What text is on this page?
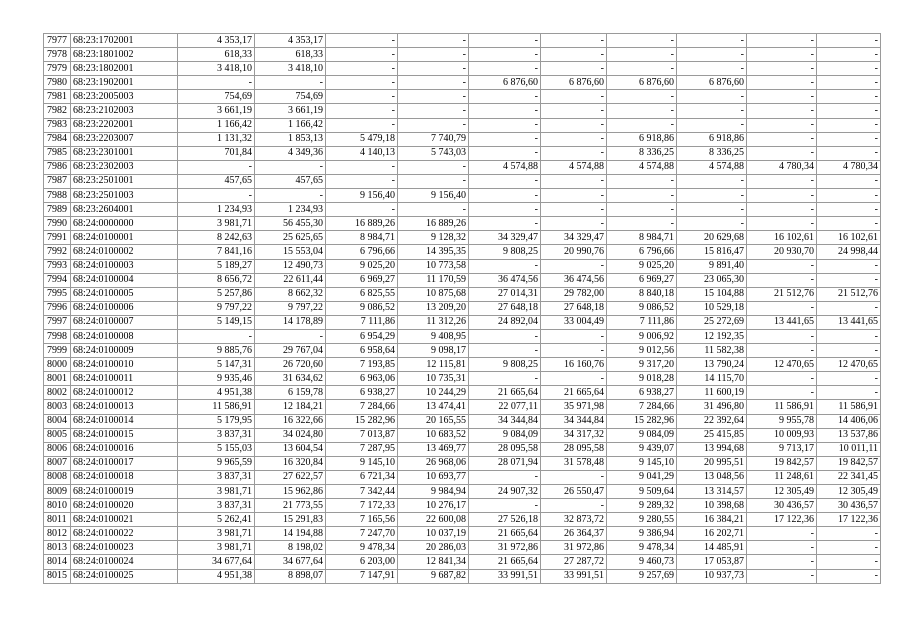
7977	68:23:1702001	4 353,17	4 353,17	-	-	-	-	-	-	-	-
7978	68:23:1801002	618,33	618,33	-	-	-	-	-	-	-	-
7979	68:23:1802001	3 418,10	3 418,10	-	-	-	-	-	-	-	-
7980	68:23:1902001	-	-	-	-	6 876,60	6 876,60	6 876,60	6 876,60	-	-
7981	68:23:2005003	754,69	754,69	-	-	-	-	-	-	-	-
7982	68:23:2102003	3 661,19	3 661,19	-	-	-	-	-	-	-	-
7983	68:23:2202001	1 166,42	1 166,42	-	-	-	-	-	-	-	-
7984	68:23:2203007	1 131,32	1 853,13	5 479,18	7 740,79	-	-	6 918,86	6 918,86	-	-
7985	68:23:2301001	701,84	4 349,36	4 140,13	5 743,03	-	-	8 336,25	8 336,25	-	-
7986	68:23:2302003	-	-	-	-	4 574,88	4 574,88	4 574,88	4 574,88	4 780,34	4 780,34
7987	68:23:2501001	457,65	457,65	-	-	-	-	-	-	-	-
7988	68:23:2501003	-	-	9 156,40	9 156,40	-	-	-	-	-	-
7989	68:23:2604001	1 234,93	1 234,93	-	-	-	-	-	-	-	-
7990	68:24:0000000	3 981,71	56 455,30	16 889,26	16 889,26	-	-	-	-	-	-
7991	68:24:0100001	8 242,63	25 625,65	8 984,71	9 128,32	34 329,47	34 329,47	8 984,71	20 629,68	16 102,61	16 102,61
7992	68:24:0100002	7 841,16	15 553,04	6 796,66	14 395,35	9 808,25	20 990,76	6 796,66	15 816,47	20 930,70	24 998,44
7993	68:24:0100003	5 189,27	12 490,73	9 025,20	10 773,58	-	-	9 025,20	9 891,40	-	-
7994	68:24:0100004	8 656,72	22 611,44	6 969,27	11 170,59	36 474,56	36 474,56	6 969,27	23 065,30	-	-
7995	68:24:0100005	5 257,86	8 662,32	6 825,55	10 875,68	27 014,31	29 782,00	8 840,18	15 104,88	21 512,76	21 512,76
7996	68:24:0100006	9 797,22	9 797,22	9 086,52	13 209,20	27 648,18	27 648,18	9 086,52	10 529,18	-	-
7997	68:24:0100007	5 149,15	14 178,89	7 111,86	11 312,26	24 892,04	33 004,49	7 111,86	25 272,69	13 441,65	13 441,65
7998	68:24:0100008	-	-	6 954,29	9 408,95	-	-	9 006,92	12 192,35	-	-
7999	68:24:0100009	9 885,76	29 767,04	6 958,64	9 098,17	-	-	9 012,56	11 582,38	-	-
8000	68:24:0100010	5 147,31	26 720,60	7 193,85	12 115,81	9 808,25	16 160,76	9 317,20	13 790,24	12 470,65	12 470,65
8001	68:24:0100011	9 935,46	31 634,62	6 963,06	10 735,31	-	-	9 018,28	14 115,70	-	-
8002	68:24:0100012	4 951,38	6 159,78	6 938,27	10 244,29	21 665,64	21 665,64	6 938,27	11 600,19	-	-
8003	68:24:0100013	11 586,91	12 184,21	7 284,66	13 474,41	22 077,11	35 971,98	7 284,66	31 496,80	11 586,91	11 586,91
8004	68:24:0100014	5 179,95	16 322,66	15 282,96	20 165,55	34 344,84	34 344,84	15 282,96	22 392,64	9 955,78	14 406,06
8005	68:24:0100015	3 837,31	34 024,80	7 013,87	10 683,52	9 084,09	34 317,32	9 084,09	25 415,85	10 009,93	13 537,86
8006	68:24:0100016	5 155,03	13 604,54	7 287,95	13 469,77	28 095,58	28 095,58	9 439,07	13 994,68	9 713,17	10 011,11
8007	68:24:0100017	9 965,59	16 320,84	9 145,10	26 968,06	28 071,94	31 578,48	9 145,10	20 995,51	19 842,57	19 842,57
8008	68:24:0100018	3 837,31	27 622,57	6 721,34	10 693,77	-	-	9 041,29	13 048,56	11 248,61	22 341,45
8009	68:24:0100019	3 981,71	15 962,86	7 342,44	9 984,94	24 907,32	26 550,47	9 509,64	13 314,57	12 305,49	12 305,49
8010	68:24:0100020	3 837,31	21 773,55	7 172,33	10 276,17	-	-	9 289,32	10 398,68	30 436,57	30 436,57
8011	68:24:0100021	5 262,41	15 291,83	7 165,56	22 600,08	27 526,18	32 873,72	9 280,55	16 384,21	17 122,36	17 122,36
8012	68:24:0100022	3 981,71	14 194,88	7 247,70	10 037,19	21 665,64	26 364,37	9 386,94	16 202,71	-	-
8013	68:24:0100023	3 981,71	8 198,02	9 478,34	20 286,03	31 972,86	31 972,86	9 478,34	14 485,91	-	-
8014	68:24:0100024	34 677,64	34 677,64	6 203,00	12 841,34	21 665,64	27 287,72	9 460,73	17 053,87	-	-
8015	68:24:0100025	4 951,38	8 898,07	7 147,91	9 687,82	33 991,51	33 991,51	9 257,69	10 937,73	-	-
